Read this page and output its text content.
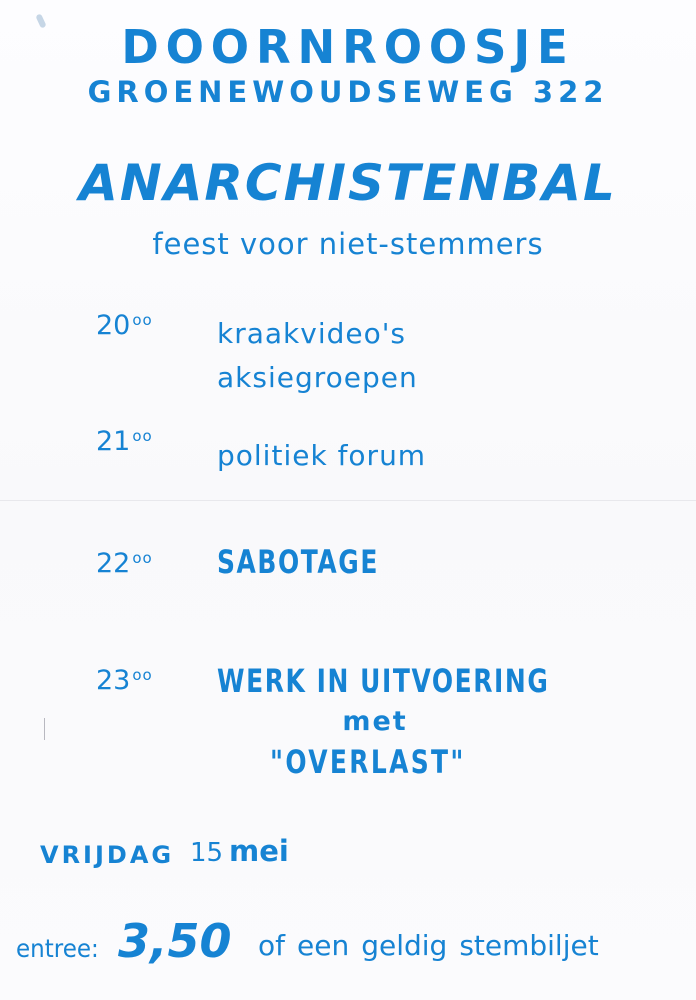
DOORNROOSJE
GROENEWOUDSEWEG 322
ANARCHISTENBAL
feest voor niet-stemmers
20 $^{oo}$ kraakvideo's
aksiegroepen
21 $^{oo}$
politiek forum
22 $^{oo}$ SABOTAGE
23 $^{oo}$ WERK IN UITVOERING
met
"OVERLAST"
VRIJDAG 15 mei
entree: 3,50 of een geldig stembiljet
